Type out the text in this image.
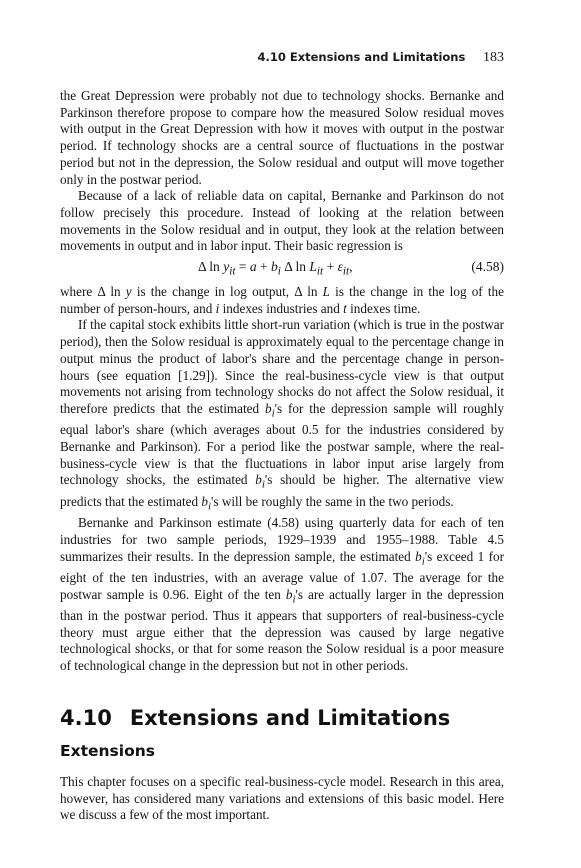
4.10 Extensions and Limitations 183

the Great Depression were probably not due to technology shocks. Bernanke and Parkinson therefore propose to compare how the measured Solow residual moves with output in the Great Depression with how it moves with output in the postwar period. If technology shocks are a central source of fluctuations in the postwar period but not in the depression, the Solow residual and output will move together only in the postwar period.

Because of a lack of reliable data on capital, Bernanke and Parkinson do not follow precisely this procedure. Instead of looking at the relation between movements in the Solow residual and in output, they look at the relation between movements in output and in labor input. Their basic regression is

Δ $\ln y_{it} = a + b_i$ Δ $\ln L_{it} + \varepsilon_{it}$,	(4.58)

where Δ ln y is the change in log output, Δ ln L is the change in the log of the number of person-hours, and i indexes industries and t indexes time.

If the capital stock exhibits little short-run variation (which is true in the postwar period), then the Solow residual is approximately equal to the percentage change in output minus the product of labor's share and the percentage change in person-hours (see equation [1.29]). Since the real-business-cycle view is that output movements not arising from technology shocks do not affect the Solow residual, it therefore predicts that the estimated $b_i's$ for the depression sample will roughly equal labor's share (which averages about 0.5 for the industries considered by Bernanke and Parkinson). For a period like the postwar sample, where the real-business-cycle view is that the fluctuations in labor input arise largely from technology shocks, the estimated $b_i's$ should be higher. The alternative view predicts that the estimated $b_i's$ will be roughly the same in the two periods.

Bernanke and Parkinson estimate (4.58) using quarterly data for each of ten industries for two sample periods, 1929–1939 and 1955–1988. Table 4.5 summarizes their results. In the depression sample, the estimated $b_i's$ exceed 1 for eight of the ten industries, with an average value of 1.07. The average for the postwar sample is 0.96. Eight of the ten $b_i's$ are actually larger in the depression than in the postwar period. Thus it appears that supporters of real-business-cycle theory must argue either that the depression was caused by large negative technological shocks, or that for some reason the Solow residual is a poor measure of technological change in the depression but not in other periods.

4.10 Extensions and Limitations
Extensions

This chapter focuses on a specific real-business-cycle model. Research in this area, however, has considered many variations and extensions of this basic model. Here we discuss a few of the most important.
